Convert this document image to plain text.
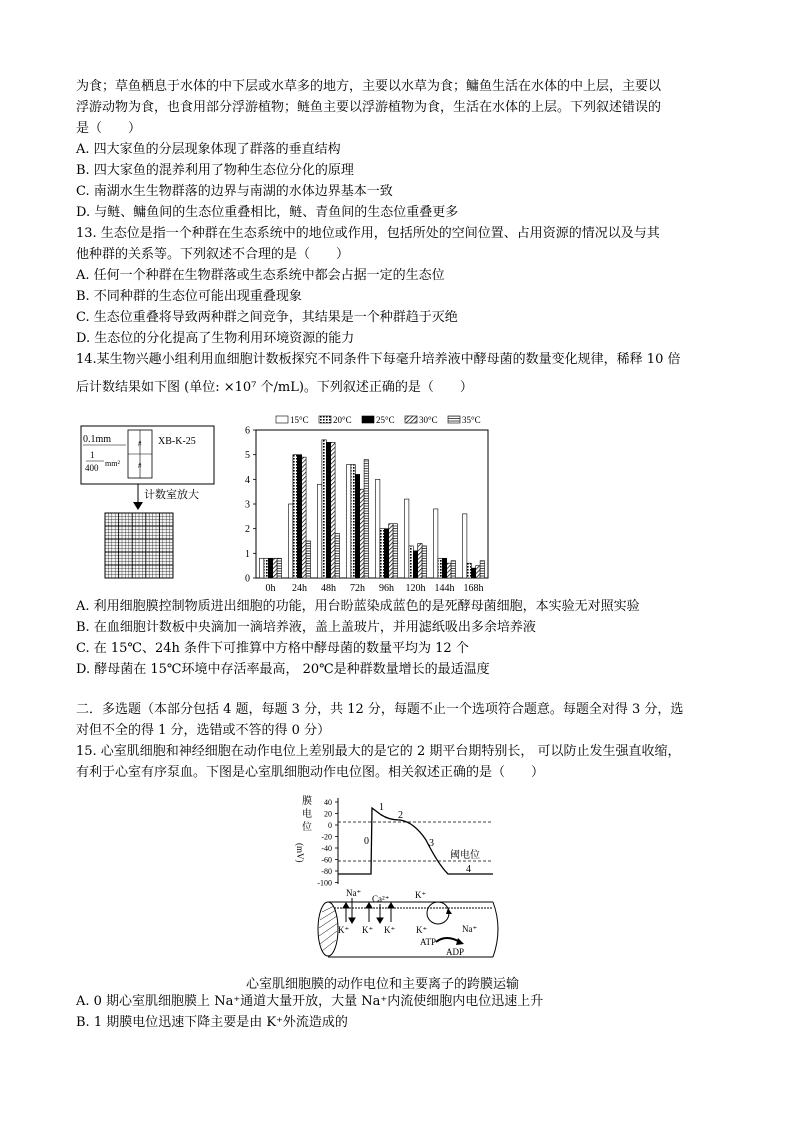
为食；草鱼栖息于水体的中下层或水草多的地方，主要以水草为食；鳙鱼生活在水体的中上层，主要以
浮游动物为食，也食用部分浮游植物；鲢鱼主要以浮游植物为食，生活在水体的上层。下列叙述错误的
是（　　）
A. 四大家鱼的分层现象体现了群落的垂直结构
B. 四大家鱼的混养利用了物种生态位分化的原理
C. 南湖水生生物群落的边界与南湖的水体边界基本一致
D. 与鲢、鳙鱼间的生态位重叠相比，鲢、青鱼间的生态位重叠更多
13. 生态位是指一个种群在生态系统中的地位或作用，包括所处的空间位置、占用资源的情况以及与其
他种群的关系等。下列叙述不合理的是（　　）
A. 任何一个种群在生物群落或生态系统中都会占据一定的生态位
B. 不同种群的生态位可能出现重叠现象
C. 生态位重叠将导致两种群之间竞争，其结果是一个种群趋于灭绝
D. 生态位的分化提高了生物利用环境资源的能力
14.某生物兴趣小组利用血细胞计数板探究不同条件下每毫升培养液中酵母菌的数量变化规律，稀释 10 倍
后计数结果如下图 (单位: ×10⁷ 个/mL)。下列叙述正确的是（　　）
#
#
0.1mm
1
400 mm²
XB-K-25
计数室放大
15°C	20°C	25°C	30°C	35°C
0
1
2
3
4
5
6
0h 24h 48h 72h 96h 120h 144h 168h
A. 利用细胞膜控制物质进出细胞的功能，用台盼蓝染成蓝色的是死酵母菌细胞，本实验无对照实验
B. 在血细胞计数板中央滴加一滴培养液，盖上盖玻片，并用滤纸吸出多余培养液
C. 在 15℃、24h 条件下可推算中方格中酵母菌的数量平均为 12 个
D. 酵母菌在 15℃环境中存活率最高， 20℃是种群数量增长的最适温度
二．多选题（本部分包括 4 题，每题 3 分，共 12 分，每题不止一个选项符合题意。每题全对得 3 分，选
对但不全的得 1 分，选错或不答的得 0 分）
15. 心室肌细胞和神经细胞在动作电位上差别最大的是它的 2 期平台期特别长， 可以防止发生强直收缩，
有利于心室有序泵血。下图是心室肌细胞动作电位图。相关叙述正确的是（　　）
膜
电
位
(mV)
40
20
0
-20
-40
-60
-80
-100
0
1
2
3
4
阈电位
Na⁺
Ca²⁺	K⁺
K⁺ K⁺ K⁺ K⁺	Na⁺
ATP
ADP
心室肌细胞膜的动作电位和主要离子的跨膜运输
A. 0 期心室肌细胞膜上 Na⁺通道大量开放，大量 Na⁺内流使细胞内电位迅速上升
B. 1 期膜电位迅速下降主要是由 K⁺外流造成的
